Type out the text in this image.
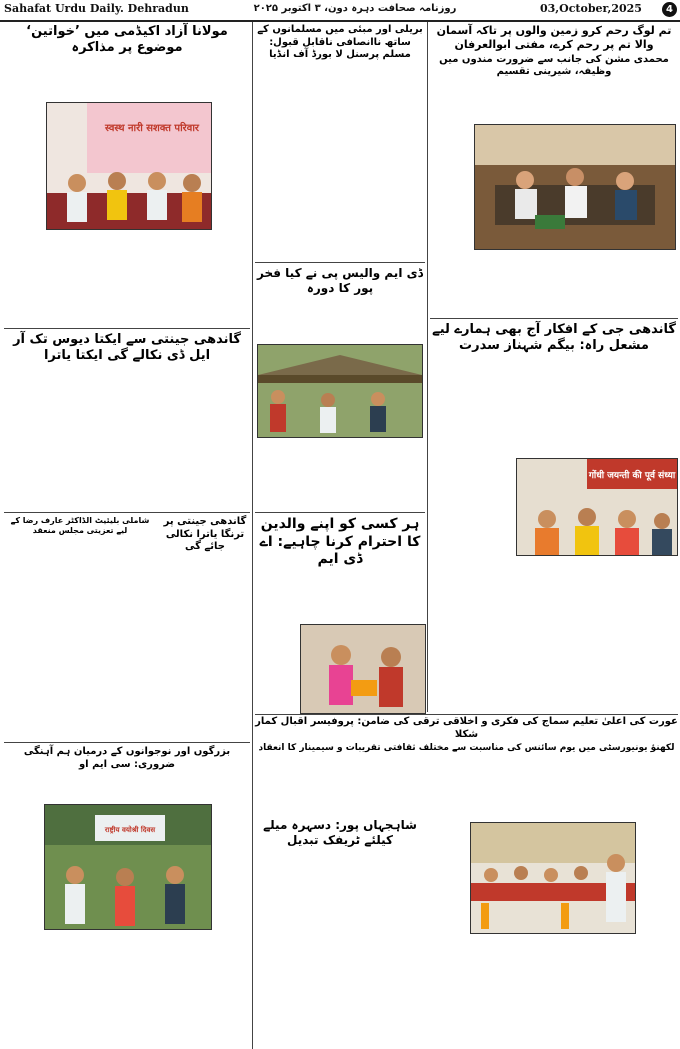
Sahafat Urdu Daily. Dehradun	روزنامہ صحافت دہرہ دون، ۳ اکتوبر ۲۰۲۵	03,October,2025	4
تم لوگ رحم کرو زمین والوں پر تاکہ آسمان والا تم پر رحم کرے، مفتی ابوالعرفان
محمدی مشن کی جانب سے ضرورت مندوں میں وظیفہ، شیرینی تقسیم
گاندھی جی کے افکار آج بھی ہمارے لیے مشعل راہ: بیگم شہناز سدرت
गोंधी जयन्ती की पूर्व संध्या
بریلی اور مبئی میں مسلمانوں کے ساتھ ناانصافی ناقابل قبول: مسلم پرسنل لا بورڈ آف انڈیا
ڈی ایم والیس پی نے کیا فخر پور کا دورہ
ہر کسی کو اپنے والدین کا احترام کرنا چاہیے: اے ڈی ایم
مولانا آزاد اکیڈمی میں ’خواتین‘ موضوع پر مذاکرہ
स्वस्थ नारी सशक्त परिवार
گاندھی جینتی سے ایکتا دیوس تک آر ایل ڈی نکالے گی ایکتا یاترا
گاندھی جینتی پر ترنگا یاترا نکالی جائے گی
شاملی بلیئیٹ الڈاکٹر عارف رضا کے لیے تعزیتی مجلس منعقد
بزرگوں اور نوجوانوں کے درمیان ہم آہنگی ضروری: سی ایم او
राष्ट्रीय वयोश्री दिवस
عورت کی اعلیٰ تعلیم سماج کی فکری و اخلاقی ترقی کی ضامن: پروفیسر اقبال کمار شکلا
لکھنؤ یونیورسٹی میں یوم سائنس کی مناسبت سے مختلف ثقافتی تقریبات و سیمینار کا انعقاد
شاہجہاں پور: دسہرہ میلے کیلئے ٹریفک تبدیل
